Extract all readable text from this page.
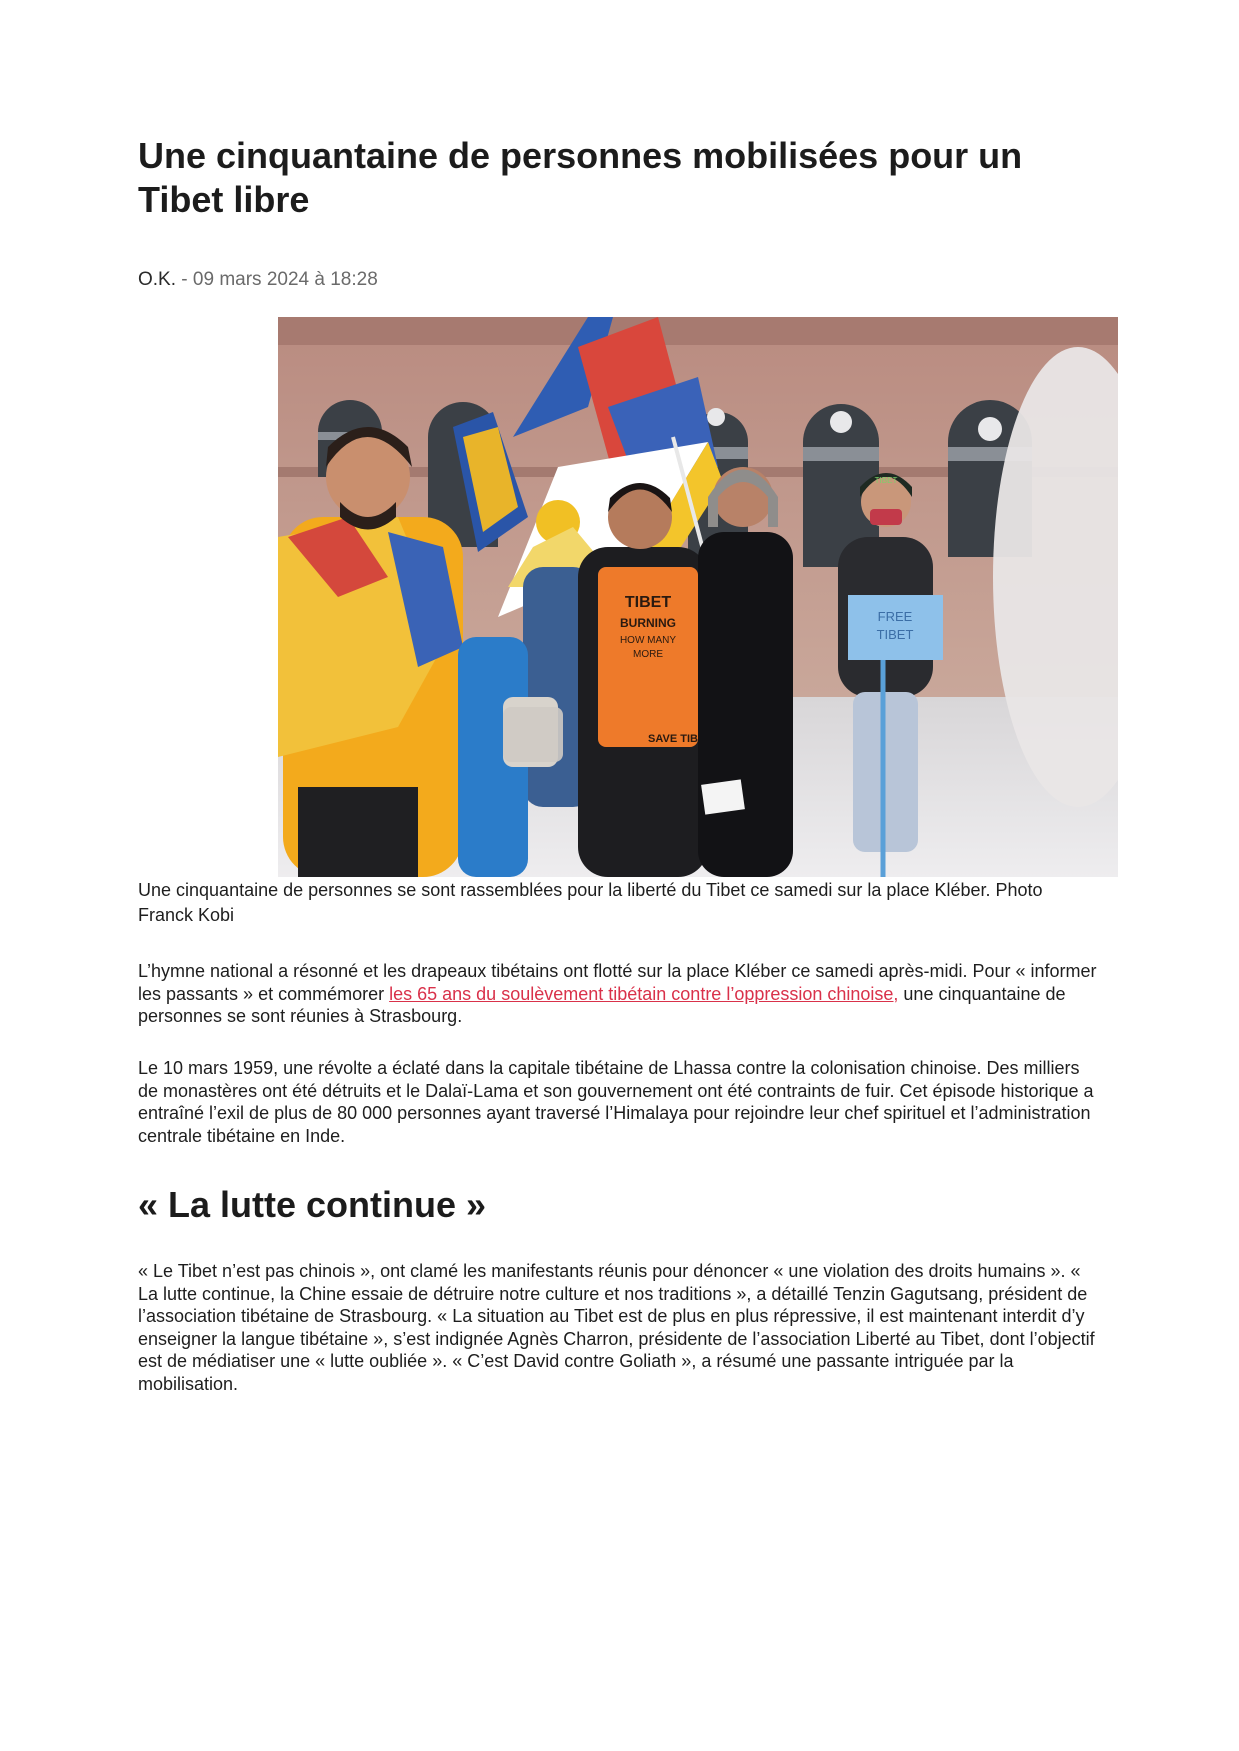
Une cinquantaine de personnes mobilisées pour un Tibet libre
O.K. - 09 mars 2024 à 18:28
TIBET
BURNING
HOW MANY
MORE
SAVE TIB
TIBET
FREE
TIBET
Une cinquantaine de personnes se sont rassemblées pour la liberté du Tibet ce samedi sur la place Kléber. Photo Franck Kobi

L’hymne national a résonné et les drapeaux tibétains ont flotté sur la place Kléber ce samedi après-midi. Pour « informer les passants » et commémorer les 65 ans du soulèvement tibétain contre l’oppression chinoise, une cinquantaine de personnes se sont réunies à Strasbourg.

Le 10 mars 1959, une révolte a éclaté dans la capitale tibétaine de Lhassa contre la colonisation chinoise. Des milliers de monastères ont été détruits et le Dalaï-Lama et son gouvernement ont été contraints de fuir. Cet épisode historique a entraîné l’exil de plus de 80 000 personnes ayant traversé l’Himalaya pour rejoindre leur chef spirituel et l’administration centrale tibétaine en Inde.

« La lutte continue »

« Le Tibet n’est pas chinois », ont clamé les manifestants réunis pour dénoncer « une violation des droits humains ». « La lutte continue, la Chine essaie de détruire notre culture et nos traditions », a détaillé Tenzin Gagutsang, président de l’association tibétaine de Strasbourg. « La situation au Tibet est de plus en plus répressive, il est maintenant interdit d’y enseigner la langue tibétaine », s’est indignée Agnès Charron, présidente de l’association Liberté au Tibet, dont l’objectif est de médiatiser une « lutte oubliée ». « C’est David contre Goliath », a résumé une passante intriguée par la mobilisation.
